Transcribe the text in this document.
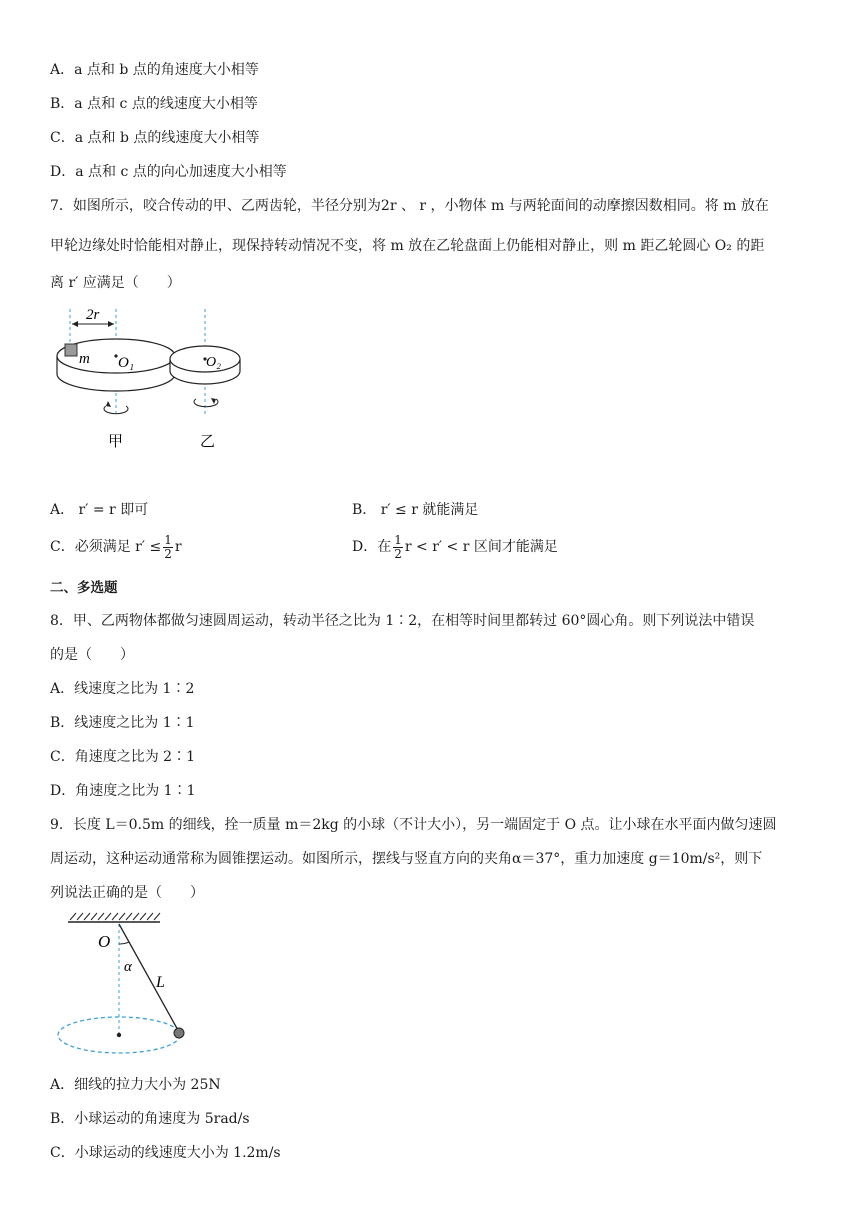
A．a 点和 b 点的角速度大小相等
B．a 点和 c 点的线速度大小相等
C．a 点和 b 点的线速度大小相等
D．a 点和 c 点的向心加速度大小相等
7．如图所示，咬合传动的甲、乙两齿轮，半径分别为2r 、 r ，小物体 m 与两轮面间的动摩擦因数相同。将 m 放在
甲轮边缘处时恰能相对静止，现保持转动情况不变，将 m 放在乙轮盘面上仍能相对静止，则 m 距乙轮圆心 O₂ 的距
离 r′ 应满足（　　）
2r
m O₁	O₂
甲	乙
A． r′ = r 即可	B． r′ ≤ r 就能满足
C．必须满足 $r' \le \frac{1}{2}$ r	D．在 $\frac{1}{2}$ r < r′ < r 区间才能满足
二、多选题
8．甲、乙两物体都做匀速圆周运动，转动半径之比为 1∶2，在相等时间里都转过 60°圆心角。则下列说法中错误
的是（　　）
A．线速度之比为 1∶2
B．线速度之比为 1∶1
C．角速度之比为 2∶1
D．角速度之比为 1∶1
9．长度 L＝0.5m 的细线，拴一质量 m＝2kg 的小球（不计大小），另一端固定于 O 点。让小球在水平面内做匀速圆
周运动，这种运动通常称为圆锥摆运动。如图所示，摆线与竖直方向的夹角α＝37°，重力加速度 g＝10m/s²，则下
列说法正确的是（　　）
O
α
L
A．细线的拉力大小为 25N
B．小球运动的角速度为 5rad/s
C．小球运动的线速度大小为 1.2m/s
